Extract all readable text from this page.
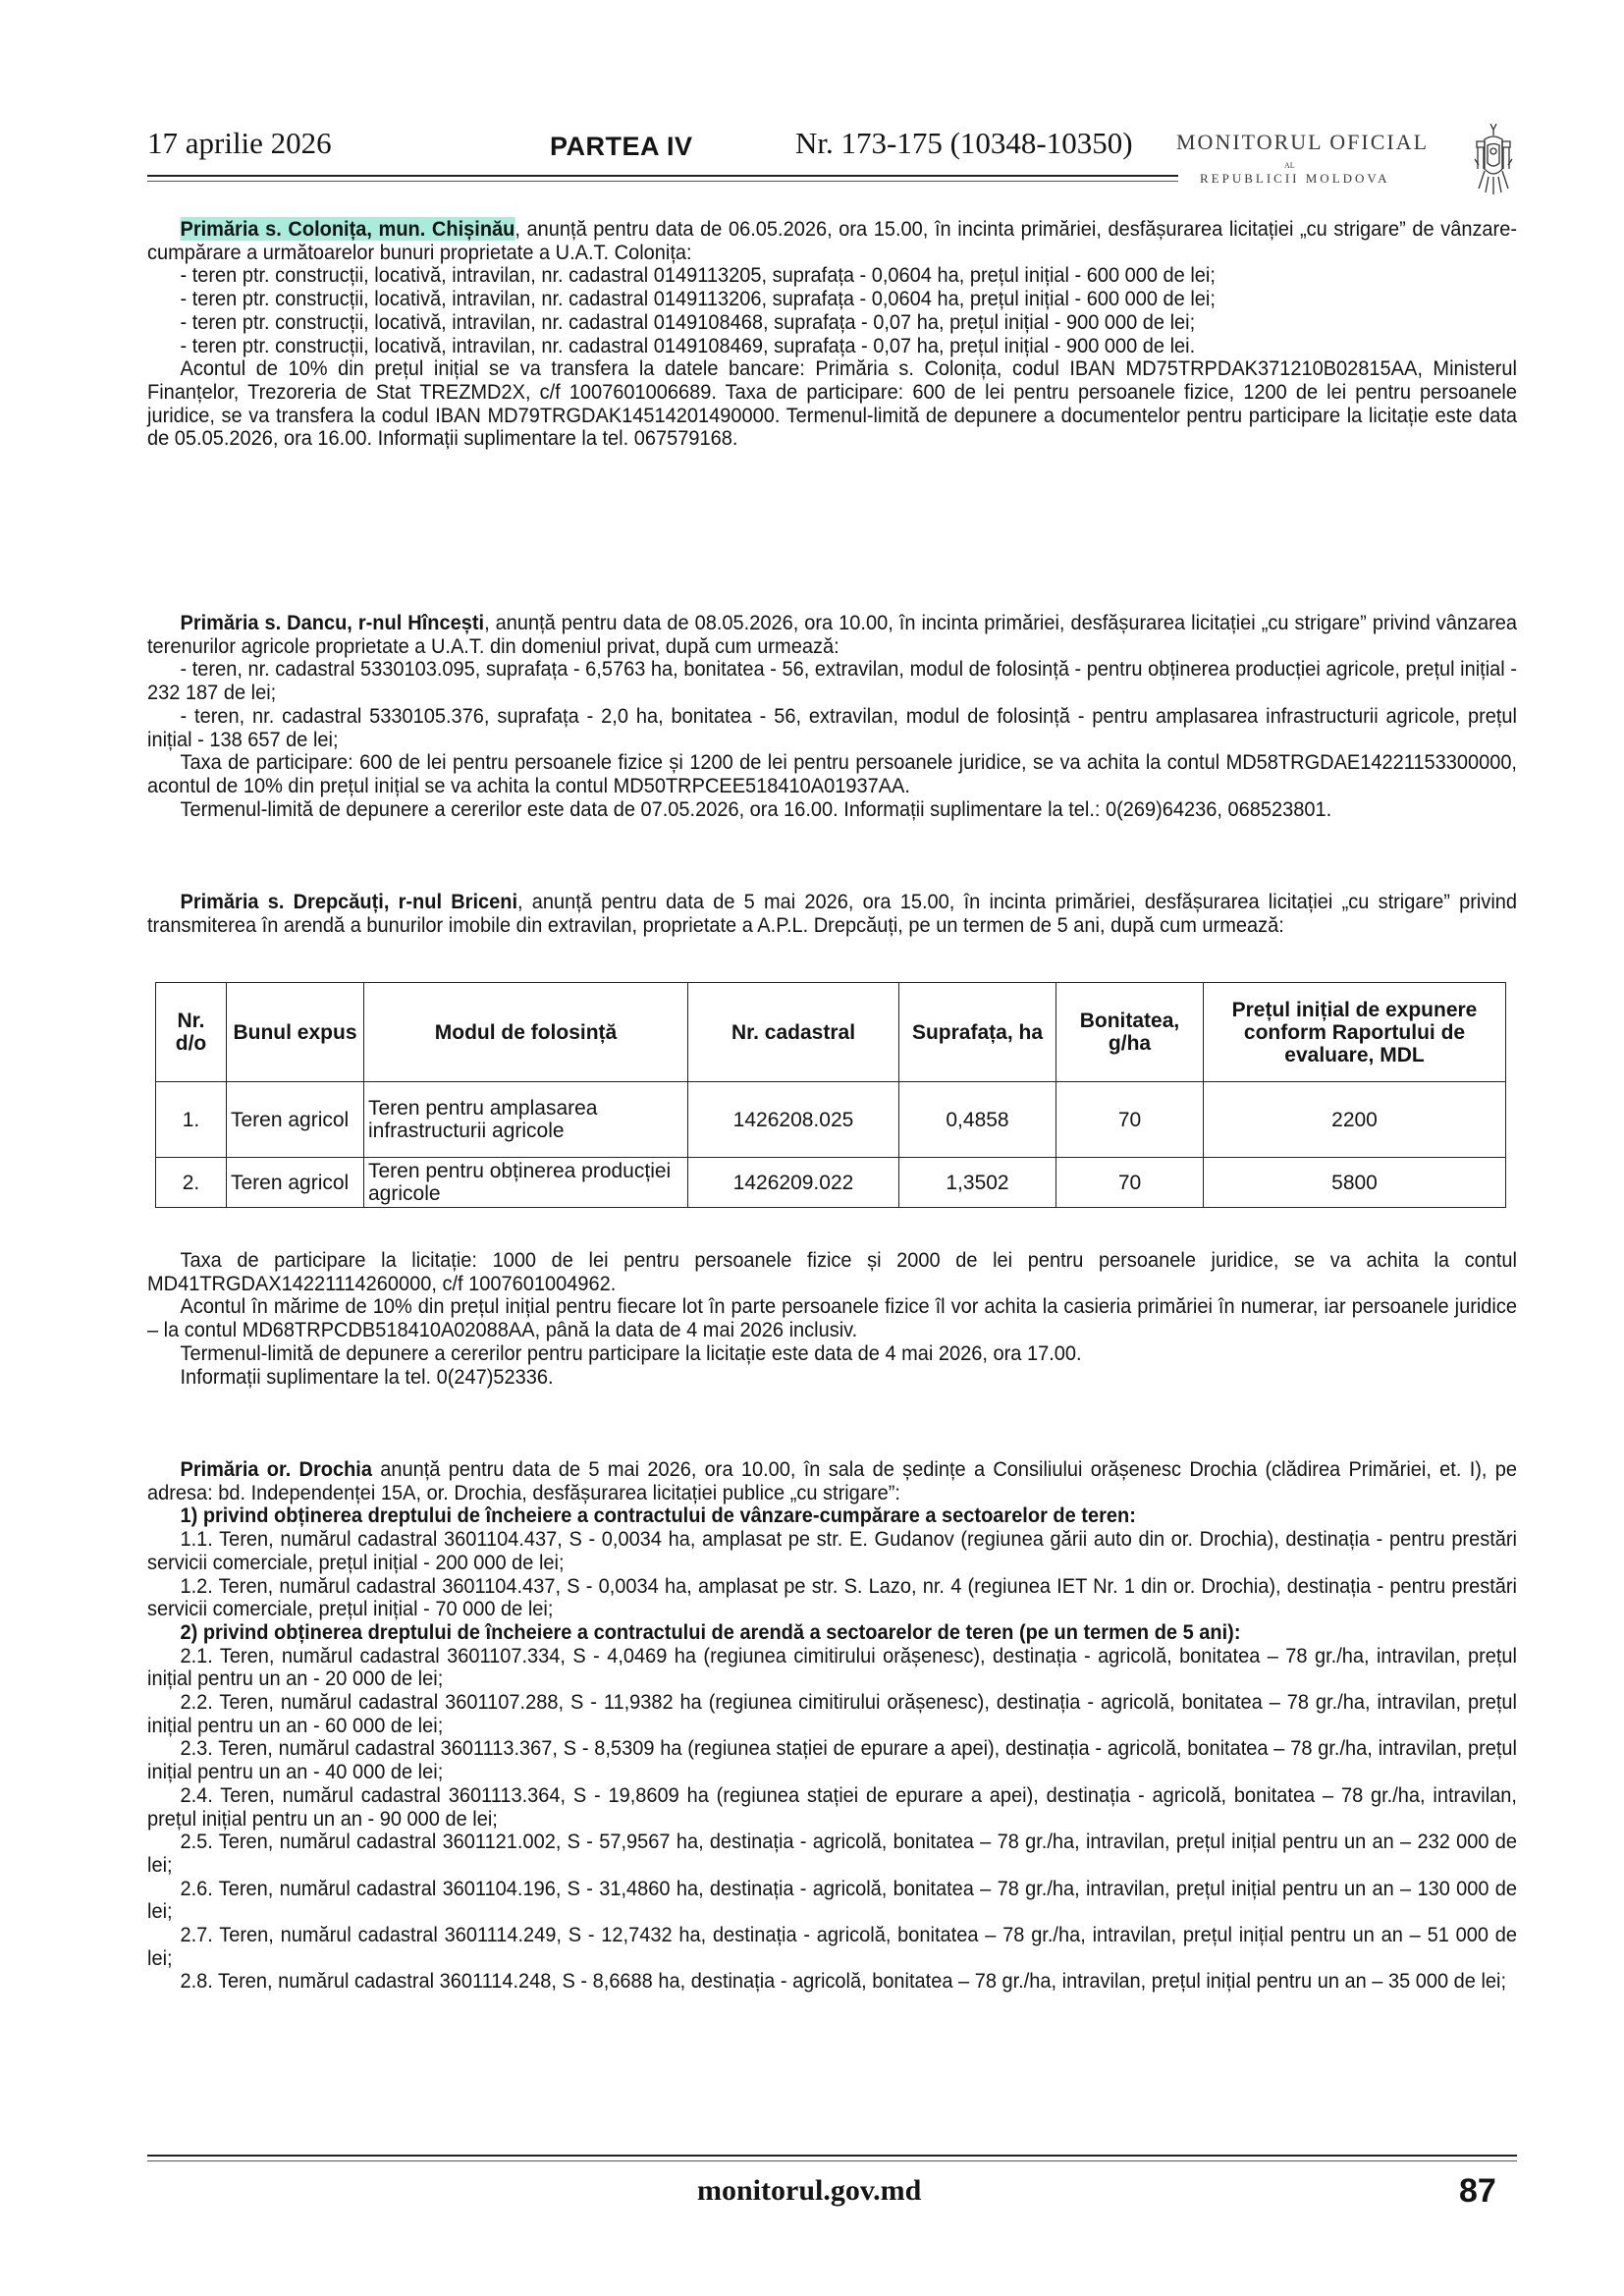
17 aprilie 2026	PARTEA IV	Nr. 173-175 (10348-10350) MONITORUL OFICIAL
AL
REPUBLICII MOLDOVA

Primăria s. Colonița, mun. Chișinău, anunță pentru data de 06.05.2026, ora 15.00, în incinta primăriei, desfășurarea licitației „cu strigare” de vânzare-cumpărare a următoarelor bunuri proprietate a U.A.T. Colonița:

- teren ptr. construcții, locativă, intravilan, nr. cadastral 0149113205, suprafața - 0,0604 ha, prețul inițial - 600 000 de lei;

- teren ptr. construcții, locativă, intravilan, nr. cadastral 0149113206, suprafața - 0,0604 ha, prețul inițial - 600 000 de lei;

- teren ptr. construcții, locativă, intravilan, nr. cadastral 0149108468, suprafața - 0,07 ha, prețul inițial - 900 000 de lei;

- teren ptr. construcții, locativă, intravilan, nr. cadastral 0149108469, suprafața - 0,07 ha, prețul inițial - 900 000 de lei.

Acontul de 10% din prețul inițial se va transfera la datele bancare: Primăria s. Colonița, codul IBAN MD75TRPDAK371210B02815AA, Ministerul Finanțelor, Trezoreria de Stat TREZMD2X, c/f 1007601006689. Taxa de participare: 600 de lei pentru persoanele fizice, 1200 de lei pentru persoanele juridice, se va transfera la codul IBAN MD79TRGDAK14514201490000. Termenul-limită de depunere a documentelor pentru participare la licitație este data de 05.05.2026, ora 16.00. Informații suplimentare la tel. 067579168.

Primăria s. Dancu, r-nul Hîncești, anunță pentru data de 08.05.2026, ora 10.00, în incinta primăriei, desfășurarea licitației „cu strigare” privind vânzarea terenurilor agricole proprietate a U.A.T. din domeniul privat, după cum urmează:

- teren, nr. cadastral 5330103.095, suprafața - 6,5763 ha, bonitatea - 56, extravilan, modul de folosință - pentru obținerea producției agricole, prețul inițial - 232 187 de lei;

- teren, nr. cadastral 5330105.376, suprafața - 2,0 ha, bonitatea - 56, extravilan, modul de folosință - pentru amplasarea infrastructurii agricole, prețul inițial - 138 657 de lei;

Taxa de participare: 600 de lei pentru persoanele fizice și 1200 de lei pentru persoanele juridice, se va achita la contul MD58TRGDAE14221153300000, acontul de 10% din prețul inițial se va achita la contul MD50TRPCEE518410A01937AA.

Termenul-limită de depunere a cererilor este data de 07.05.2026, ora 16.00. Informații suplimentare la tel.: 0(269)64236, 068523801.

Primăria s. Drepcăuți, r-nul Briceni, anunță pentru data de 5 mai 2026, ora 15.00, în incinta primăriei, desfășurarea licitației „cu strigare” privind transmiterea în arendă a bunurilor imobile din extravilan, proprietate a A.P.L. Drepcăuți, pe un termen de 5 ani, după cum urmează:

Nr. d/o	Bunul expus	Modul de folosință	Nr. cadastral	Suprafața, ha	Bonitatea, g/ha	Prețul inițial de expunere conform Raportului de evaluare, MDL
1.	Teren agricol	Teren pentru amplasarea infrastructurii agricole	1426208.025	0,4858	70	2200
2.	Teren agricol	Teren pentru obținerea producției agricole	1426209.022	1,3502	70	5800

Taxa de participare la licitație: 1000 de lei pentru persoanele fizice și 2000 de lei pentru persoanele juridice, se va achita la contul MD41TRGDAX14221114260000, c/f 1007601004962.

Acontul în mărime de 10% din prețul inițial pentru fiecare lot în parte persoanele fizice îl vor achita la casieria primăriei în numerar, iar persoanele juridice – la contul MD68TRPCDB518410A02088AA, până la data de 4 mai 2026 inclusiv.

Termenul-limită de depunere a cererilor pentru participare la licitație este data de 4 mai 2026, ora 17.00.

Informații suplimentare la tel. 0(247)52336.

Primăria or. Drochia anunță pentru data de 5 mai 2026, ora 10.00, în sala de ședințe a Consiliului orășenesc Drochia (clădirea Primăriei, et. I), pe adresa: bd. Independenței 15A, or. Drochia, desfășurarea licitației publice „cu strigare”:

1) privind obținerea dreptului de încheiere a contractului de vânzare-cumpărare a sectoarelor de teren:

1.1. Teren, numărul cadastral 3601104.437, S - 0,0034 ha, amplasat pe str. E. Gudanov (regiunea gării auto din or. Drochia), destinația - pentru prestări servicii comerciale, prețul inițial - 200 000 de lei;

1.2. Teren, numărul cadastral 3601104.437, S - 0,0034 ha, amplasat pe str. S. Lazo, nr. 4 (regiunea IET Nr. 1 din or. Drochia), destinația - pentru prestări servicii comerciale, prețul inițial - 70 000 de lei;

2) privind obținerea dreptului de încheiere a contractului de arendă a sectoarelor de teren (pe un termen de 5 ani):

2.1. Teren, numărul cadastral 3601107.334, S - 4,0469 ha (regiunea cimitirului orășenesc), destinația - agricolă, bonitatea – 78 gr./ha, intravilan, prețul inițial pentru un an - 20 000 de lei;

2.2. Teren, numărul cadastral 3601107.288, S - 11,9382 ha (regiunea cimitirului orășenesc), destinația - agricolă, bonitatea – 78 gr./ha, intravilan, prețul inițial pentru un an - 60 000 de lei;

2.3. Teren, numărul cadastral 3601113.367, S - 8,5309 ha (regiunea stației de epurare a apei), destinația - agricolă, bonitatea – 78 gr./ha, intravilan, prețul inițial pentru un an - 40 000 de lei;

2.4. Teren, numărul cadastral 3601113.364, S - 19,8609 ha (regiunea stației de epurare a apei), destinația - agricolă, bonitatea – 78 gr./ha, intravilan, prețul inițial pentru un an - 90 000 de lei;

2.5. Teren, numărul cadastral 3601121.002, S - 57,9567 ha, destinația - agricolă, bonitatea – 78 gr./ha, intravilan, prețul inițial pentru un an – 232 000 de lei;

2.6. Teren, numărul cadastral 3601104.196, S - 31,4860 ha, destinația - agricolă, bonitatea – 78 gr./ha, intravilan, prețul inițial pentru un an – 130 000 de lei;

2.7. Teren, numărul cadastral 3601114.249, S - 12,7432 ha, destinația - agricolă, bonitatea – 78 gr./ha, intravilan, prețul inițial pentru un an – 51 000 de lei;

2.8. Teren, numărul cadastral 3601114.248, S - 8,6688 ha, destinația - agricolă, bonitatea – 78 gr./ha, intravilan, prețul inițial pentru un an – 35 000 de lei;

monitorul.gov.md	87
